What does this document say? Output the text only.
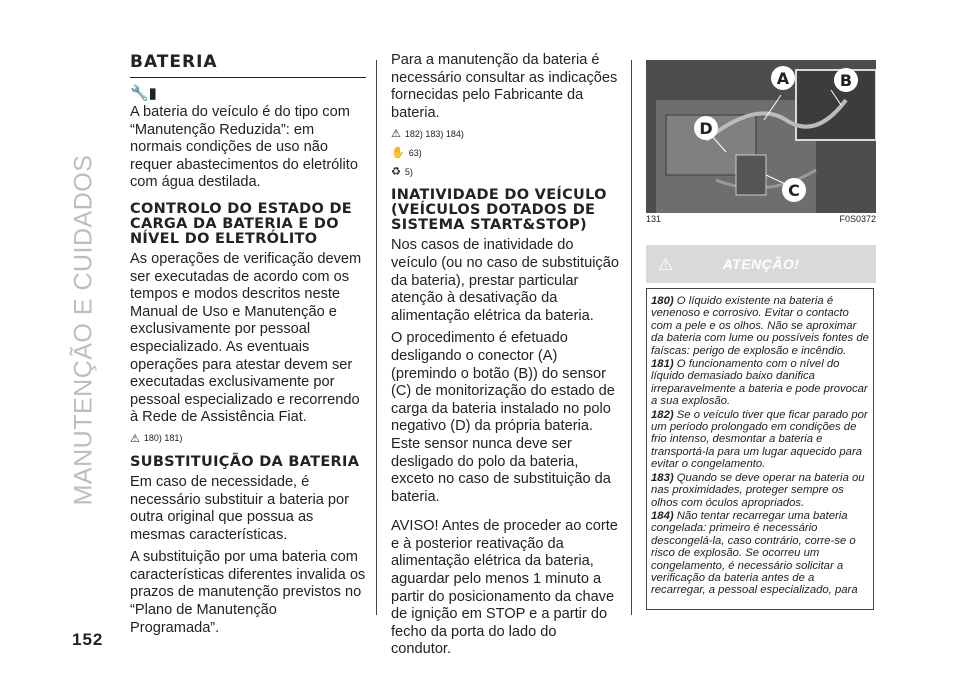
MANUTENÇÃO E CUIDADOS
152
BATERIA
🔧▮

A bateria do veículo é do tipo com “Manutenção Reduzida”: em normais condições de uso não requer abastecimentos do eletrólito com água destilada.

CONTROLO DO ESTADO DE CARGA DA BATERIA E DO NÍVEL DO ELETRÓLITO

As operações de verificação devem ser executadas de acordo com os tempos e modos descritos neste Manual de Uso e Manutenção e exclusivamente por pessoal especializado. As eventuais operações para atestar devem ser executadas exclusivamente por pessoal especializado e recorrendo à Rede de Assistência Fiat.

⚠ 180) 181)
SUBSTITUIÇÃO DA BATERIA

Em caso de necessidade, é necessário substituir a bateria por outra original que possua as mesmas características.

A substituição por uma bateria com características diferentes invalida os prazos de manutenção previstos no “Plano de Manutenção Programada”.

Para a manutenção da bateria é necessário consultar as indicações fornecidas pelo Fabricante da bateria.

⚠ 182) 183) 184)
✋ 63)
♻ 5)
INATIVIDADE DO VEÍCULO (VEÍCULOS DOTADOS DE SISTEMA START&STOP)

Nos casos de inatividade do veículo (ou no caso de substituição da bateria), prestar particular atenção à desativação da alimentação elétrica da bateria.

O procedimento é efetuado desligando o conector (A) (premindo o botão (B)) do sensor (C) de monitorização do estado de carga da bateria instalado no polo negativo (D) da própria bateria. Este sensor nunca deve ser desligado do polo da bateria, exceto no caso de substituição da bateria.

AVISO! Antes de proceder ao corte e à posterior reativação da alimentação elétrica da bateria, aguardar pelo menos 1 minuto a partir do posicionamento da chave de ignição em STOP e a partir do fecho da porta do lado do condutor.

A	B
C
D
131	F0S0372
⚠	ATENÇÃO!

180) O líquido existente na bateria é venenoso e corrosivo. Evitar o contacto com a pele e os olhos. Não se aproximar da bateria com lume ou possíveis fontes de faíscas: perigo de explosão e incêndio.

181) O funcionamento com o nível do líquido demasiado baixo danifica irreparavelmente a bateria e pode provocar a sua explosão.

182) Se o veículo tiver que ficar parado por um período prolongado em condições de frio intenso, desmontar a bateria e transportá-la para um lugar aquecido para evitar o congelamento.

183) Quando se deve operar na bateria ou nas proximidades, proteger sempre os olhos com óculos apropriados.

184) Não tentar recarregar uma bateria congelada: primeiro é necessário descongelá-la, caso contrário, corre-se o risco de explosão. Se ocorreu um congelamento, é necessário solicitar a verificação da bateria antes de a recarregar, a pessoal especializado, para
